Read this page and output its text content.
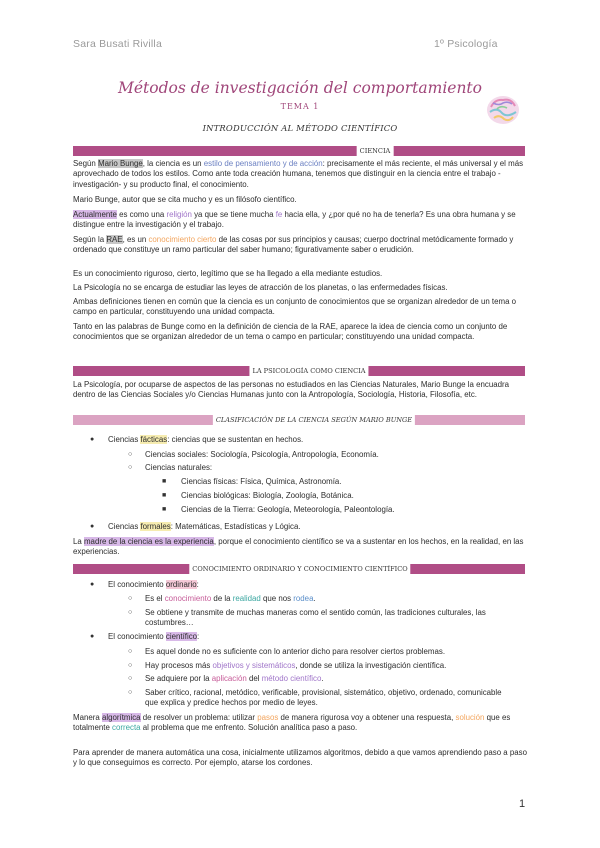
Sara Busati Rivilla	1º Psicología
Métodos de investigación del comportamiento
TEMA 1
INTRODUCCIÓN AL MÉTODO CIENTÍFICO
CIENCIA
Según Mario Bunge, la ciencia es un estilo de pensamiento y de acción: precisamente el más reciente, el más universal y el más aprovechado de todos los estilos. Como ante toda creación humana, tenemos que distinguir en la ciencia entre el trabajo -investigación- y su producto final, el conocimiento.
Mario Bunge, autor que se cita mucho y es un filósofo científico.
Actualmente es como una religión ya que se tiene mucha fe hacia ella, y ¿por qué no ha de tenerla? Es una obra humana y se distingue entre la investigación y el trabajo.
Según la RAE, es un conocimiento cierto de las cosas por sus principios y causas; cuerpo doctrinal metódicamente formado y ordenado que constituye un ramo particular del saber humano; figurativamente saber o erudición.
Es un conocimiento riguroso, cierto, legítimo que se ha llegado a ella mediante estudios.
La Psicología no se encarga de estudiar las leyes de atracción de los planetas, o las enfermedades físicas.
Ambas definiciones tienen en común que la ciencia es un conjunto de conocimientos que se organizan alrededor de un tema o campo en particular, constituyendo una unidad compacta.
Tanto en las palabras de Bunge como en la definición de ciencia de la RAE, aparece la idea de ciencia como un conjunto de conocimientos que se organizan alrededor de un tema o campo en particular; constituyendo una unidad compacta.
LA PSICOLOGÍA COMO CIENCIA
La Psicología, por ocuparse de aspectos de las personas no estudiados en las Ciencias Naturales, Mario Bunge la encuadra dentro de las Ciencias Sociales y/o Ciencias Humanas junto con la Antropología, Sociología, Historia, Filosofía, etc.
CLASIFICACIÓN DE LA CIENCIA SEGÚN MARIO BUNGE
● Ciencias fácticas: ciencias que se sustentan en hechos.
○ Ciencias sociales: Sociología, Psicología, Antropología, Economía.
○ Ciencias naturales:
■ Ciencias físicas: Física, Química, Astronomía.
■ Ciencias biológicas: Biología, Zoología, Botánica.
■ Ciencias de la Tierra: Geología, Meteorología, Paleontología.
● Ciencias formales: Matemáticas, Estadísticas y Lógica.
La madre de la ciencia es la experiencia, porque el conocimiento científico se va a sustentar en los hechos, en la realidad, en las experiencias.
CONOCIMIENTO ORDINARIO Y CONOCIMIENTO CIENTÍFICO
● El conocimiento ordinario:
○ Es el conocimiento de la realidad que nos rodea.
○ Se obtiene y transmite de muchas maneras como el sentido común, las tradiciones culturales, las costumbres…
● El conocimiento científico:
○ Es aquel donde no es suficiente con lo anterior dicho para resolver ciertos problemas.
○ Hay procesos más objetivos y sistemáticos, donde se utiliza la investigación científica.
○ Se adquiere por la aplicación del método científico.
○ Saber crítico, racional, metódico, verificable, provisional, sistemático, objetivo, ordenado, comunicable que explica y predice hechos por medio de leyes.
Manera algorítmica de resolver un problema: utilizar pasos de manera rigurosa voy a obtener una respuesta, solución que es totalmente correcta al problema que me enfrento. Solución analítica paso a paso.
Para aprender de manera automática una cosa, inicialmente utilizamos algoritmos, debido a que vamos aprendiendo paso a paso y lo que conseguimos es correcto. Por ejemplo, atarse los cordones.
1
